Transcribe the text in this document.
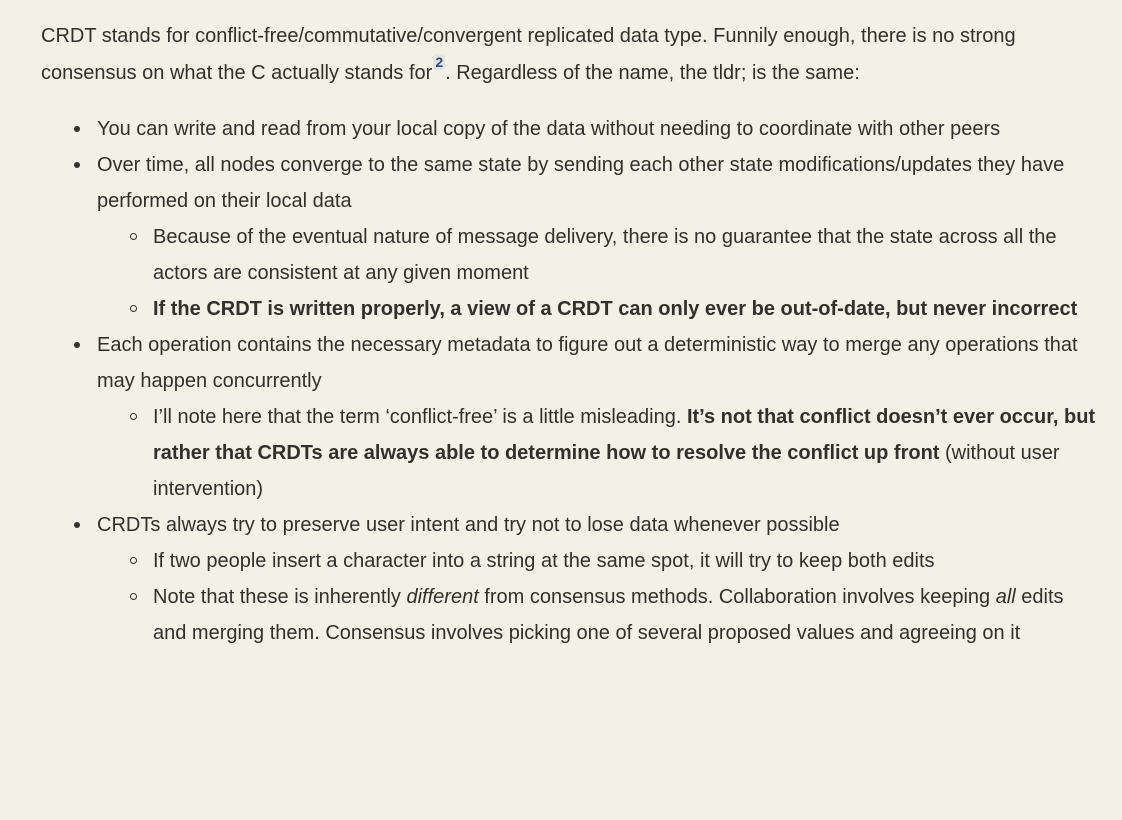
CRDT stands for conflict-free/commutative/convergent replicated data type. Funnily enough, there is no strong consensus on what the C actually stands for 2 . Regardless of the name, the tldr; is the same:

You can write and read from your local copy of the data without needing to coordinate with other peers
Over time, all nodes converge to the same state by sending each other state modifications/updates they have performed on their local data
Because of the eventual nature of message delivery, there is no guarantee that the state across all the actors are consistent at any given moment
If the CRDT is written properly, a view of a CRDT can only ever be out-of-date, but never incorrect
Each operation contains the necessary metadata to figure out a deterministic way to merge any operations that may happen concurrently
I’ll note here that the term ‘conflict-free’ is a little misleading. It’s not that conflict doesn’t ever occur, but rather that CRDTs are always able to determine how to resolve the conflict up front (without user intervention)
CRDTs always try to preserve user intent and try not to lose data whenever possible
If two people insert a character into a string at the same spot, it will try to keep both edits
Note that these is inherently different from consensus methods. Collaboration involves keeping all edits and merging them. Consensus involves picking one of several proposed values and agreeing on it
